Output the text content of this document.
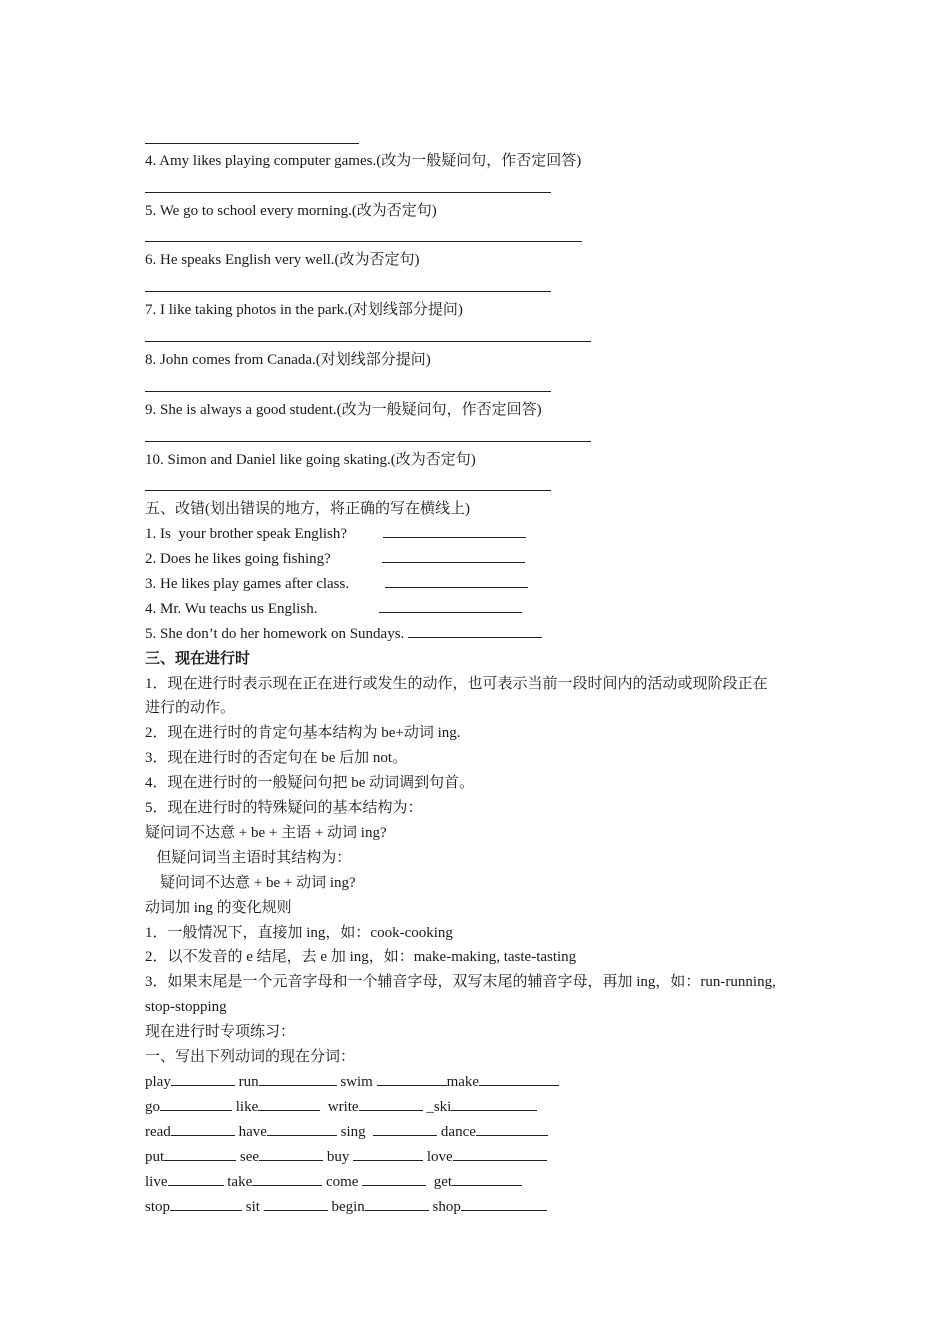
4. Amy likes playing computer games.(改为一般疑问句，作否定回答)
5. We go to school every morning.(改为否定句)
6. He speaks English very well.(改为否定句)
7. I like taking photos in the park.(对划线部分提问)
8. John comes from Canada.(对划线部分提问)
9. She is always a good student.(改为一般疑问句，作否定回答)
10. Simon and Daniel like going skating.(改为否定句)
五、改错(划出错误的地方，将正确的写在横线上)
1. Is  your brother speak English?
2. Does he likes going fishing?
3. He likes play games after class.
4. Mr. Wu teachs us English.
5. She don’t do her homework on Sundays.
三、现在进行时
1．现在进行时表示现在正在进行或发生的动作，也可表示当前一段时间内的活动或现阶段正在
进行的动作。
2．现在进行时的肯定句基本结构为 be+动词 ing.
3．现在进行时的否定句在 be 后加 not。
4．现在进行时的一般疑问句把 be 动词调到句首。
5．现在进行时的特殊疑问的基本结构为：
疑问词不达意 + be + 主语 + 动词 ing?
但疑问词当主语时其结构为：
疑问词不达意 + be + 动词 ing?
动词加 ing 的变化规则
1．一般情况下，直接加 ing，如：cook-cooking
2．以不发音的 e 结尾，去 e 加 ing，如：make-making, taste-tasting
3．如果末尾是一个元音字母和一个辅音字母，双写末尾的辅音字母，再加 ing，如：run-running,
stop-stopping
现在进行时专项练习：
一、写出下列动词的现在分词：
play	run	swim	make
go	like	write	_ski
read	have	sing	dance
put	see	buy	love
live	take	come	get
stop	sit	begin	shop
